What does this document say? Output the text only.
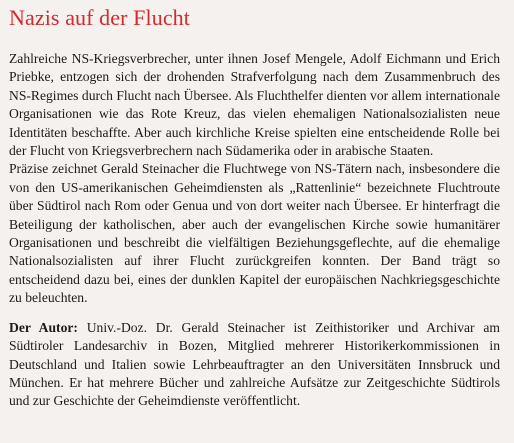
Nazis auf der Flucht

Zahlreiche NS-Kriegsverbrecher, unter ihnen Josef Mengele, Adolf Eichmann und Erich Priebke, entzogen sich der drohenden Strafverfolgung nach dem Zusammenbruch des NS-Regimes durch Flucht nach Übersee. Als Fluchthelfer dienten vor allem internationale Organisationen wie das Rote Kreuz, das vielen ehemaligen Nationalsozialisten neue Identitäten beschaffte. Aber auch kirchliche Kreise spielten eine entscheidende Rolle bei der Flucht von Kriegsverbrechern nach Südamerika oder in arabische Staaten.

Präzise zeichnet Gerald Steinacher die Fluchtwege von NS-Tätern nach, insbesondere die von den US-amerikanischen Geheimdiensten als „Rattenlinie“ bezeichnete Fluchtroute über Südtirol nach Rom oder Genua und von dort weiter nach Übersee. Er hinterfragt die Beteiligung der katholischen, aber auch der evangelischen Kirche sowie humanitärer Organisationen und beschreibt die vielfältigen Beziehungsgeflechte, auf die ehemalige Nationalsozialisten auf ihrer Flucht zurückgreifen konnten. Der Band trägt so entscheidend dazu bei, eines der dunklen Kapitel der europäischen Nachkriegsgeschichte zu beleuchten.

Der Autor: Univ.-Doz. Dr. Gerald Steinacher ist Zeithistoriker und Archivar am Südtiroler Landesarchiv in Bozen, Mitglied mehrerer Historikerkommissionen in Deutschland und Italien sowie Lehrbeauftragter an den Universitäten Innsbruck und München. Er hat mehrere Bücher und zahlreiche Aufsätze zur Zeitgeschichte Südtirols und zur Geschichte der Geheimdienste veröffentlicht.
